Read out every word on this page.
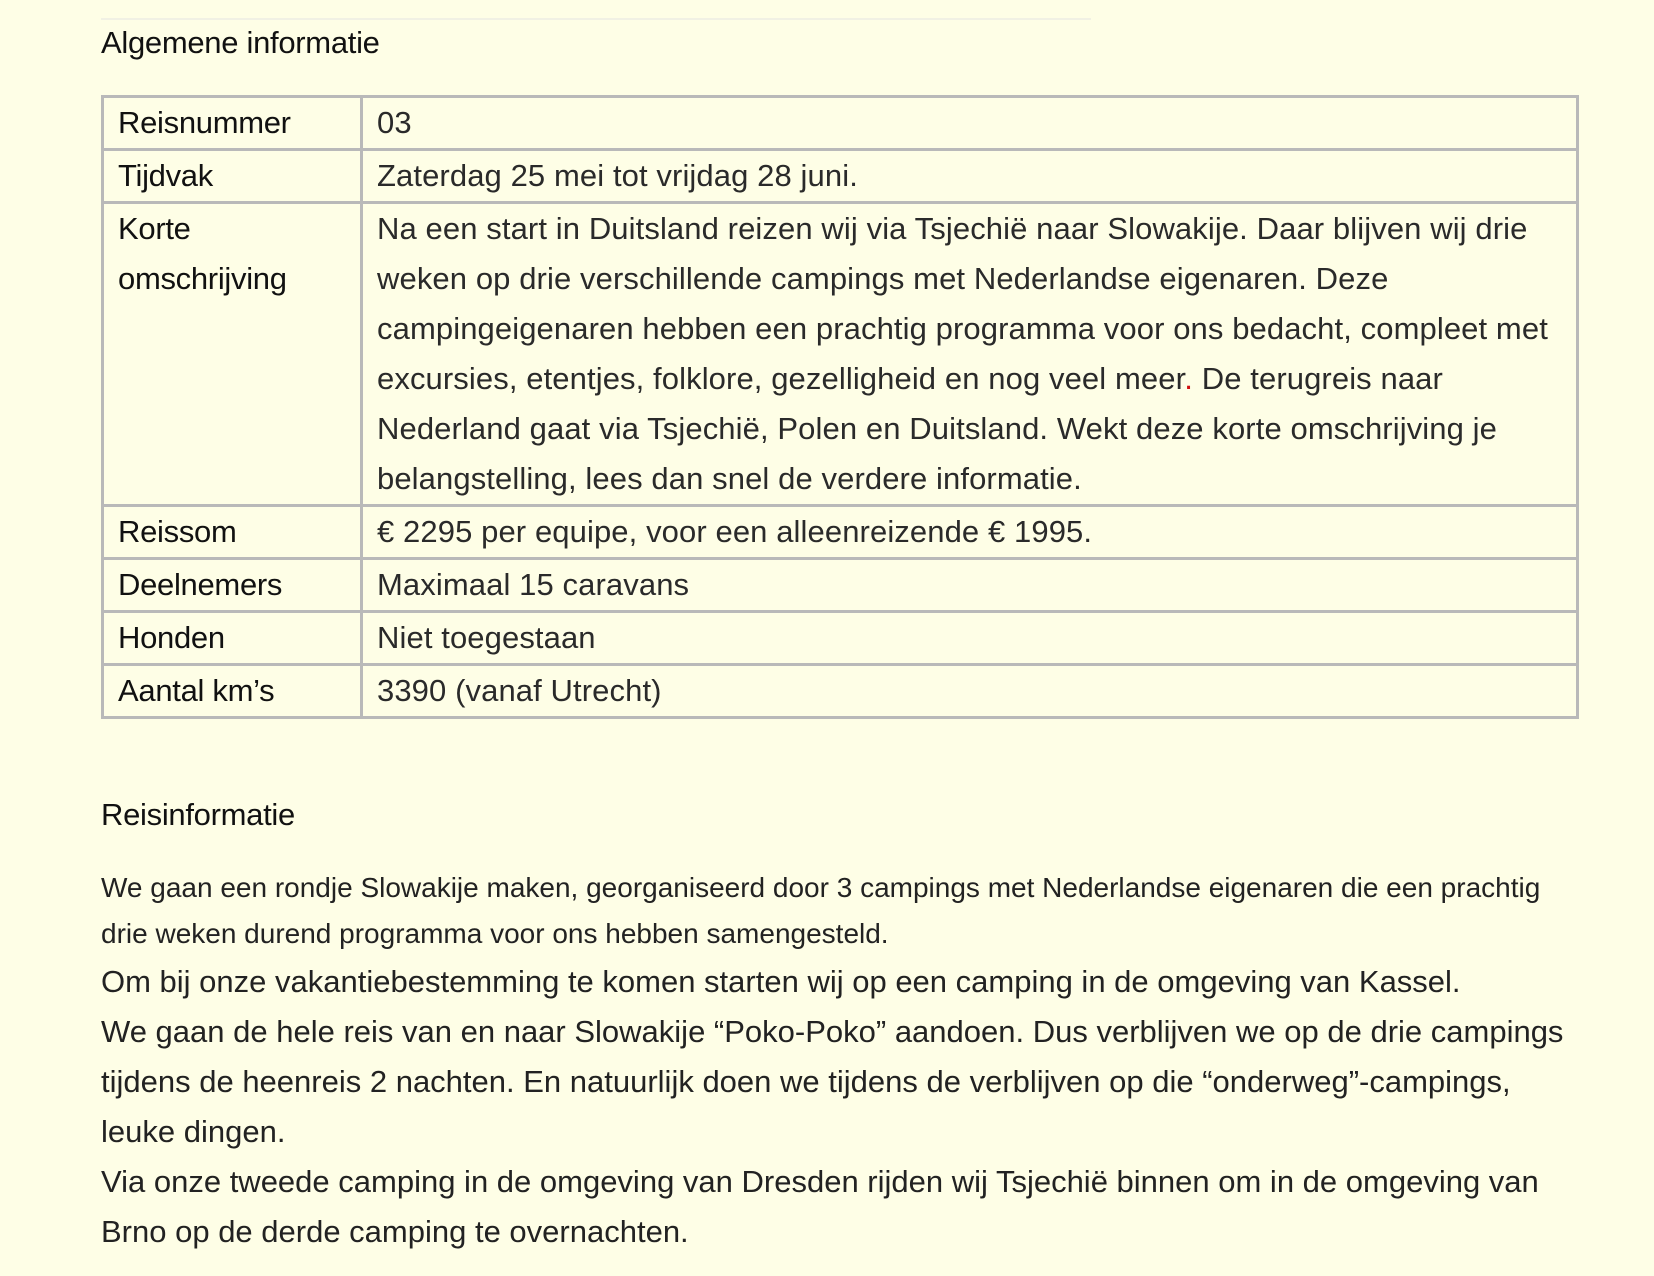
Algemene informatie
Reisnummer	03
Tijdvak	Zaterdag 25 mei tot vrijdag 28 juni.
Korte omschrijving	Na een start in Duitsland reizen wij via Tsjechië naar Slowakije. Daar blijven wij drie weken op drie verschillende campings met Nederlandse eigenaren. Deze campingeigenaren hebben een prachtig programma voor ons bedacht, compleet met excursies, etentjes, folklore, gezelligheid en nog veel meer. De terugreis naar Nederland gaat via Tsjechië, Polen en Duitsland. Wekt deze korte omschrijving je belangstelling, lees dan snel de verdere informatie.
Reissom	€ 2295 per equipe, voor een alleenreizende € 1995.
Deelnemers	Maximaal 15 caravans
Honden	Niet toegestaan
Aantal km’s	3390 (vanaf Utrecht)
Reisinformatie

We gaan een rondje Slowakije maken, georganiseerd door 3 campings met Nederlandse eigenaren die een prachtig drie weken durend programma voor ons hebben samengesteld.

Om bij onze vakantiebestemming te komen starten wij op een camping in de omgeving van Kassel.

We gaan de hele reis van en naar Slowakije “Poko-Poko” aandoen. Dus verblijven we op de drie campings tijdens de heenreis 2 nachten. En natuurlijk doen we tijdens de verblijven op die “onderweg”-campings, leuke dingen.

Via onze tweede camping in de omgeving van Dresden rijden wij Tsjechië binnen om in de omgeving van Brno op de derde camping te overnachten.
